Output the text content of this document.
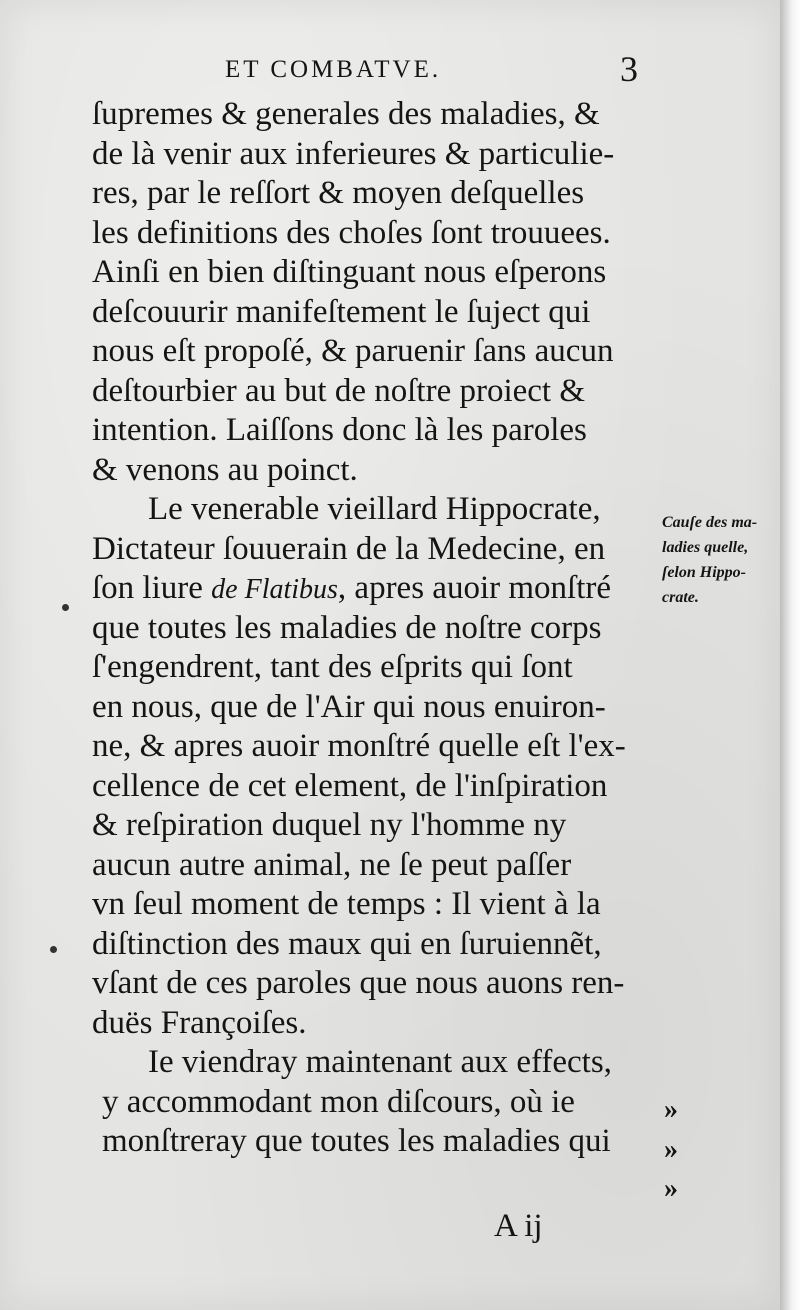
ET COMBATVE.	3
ſupremes & generales des maladies, &
de là venir aux inferieures & particulie-
res, par le reſſort & moyen deſquelles
les definitions des choſes ſont trouuees.
Ainſi en bien diſtinguant nous eſperons
deſcouurir manifeſtement le ſuject qui
nous eſt propoſé, & paruenir ſans aucun
deſtourbier au but de noſtre proiect &
intention. Laiſſons donc là les paroles
& venons au poinct.
Le venerable vieillard Hippocrate,
Dictateur ſouuerain de la Medecine, en
ſon liure de Flatibus, apres auoir monſtré
que toutes les maladies de noſtre corps
ſ'engendrent, tant des eſprits qui ſont
en nous, que de l'Air qui nous enuiron-
ne, & apres auoir monſtré quelle eſt l'ex-
cellence de cet element, de l'inſpiration
& reſpiration duquel ny l'homme ny
aucun autre animal, ne ſe peut paſſer
vn ſeul moment de temps : Il vient à la
diſtinction des maux qui en ſuruiennẽt,
vſant de ces paroles que nous auons ren-
duës Françoiſes.
Ie viendray maintenant aux effects,
y accommodant mon diſcours, où ie
monſtreray que toutes les maladies qui
Cauſe des ma-
ladies quelle,
ſelon Hippo-
crate.
»
»
»
A ij
